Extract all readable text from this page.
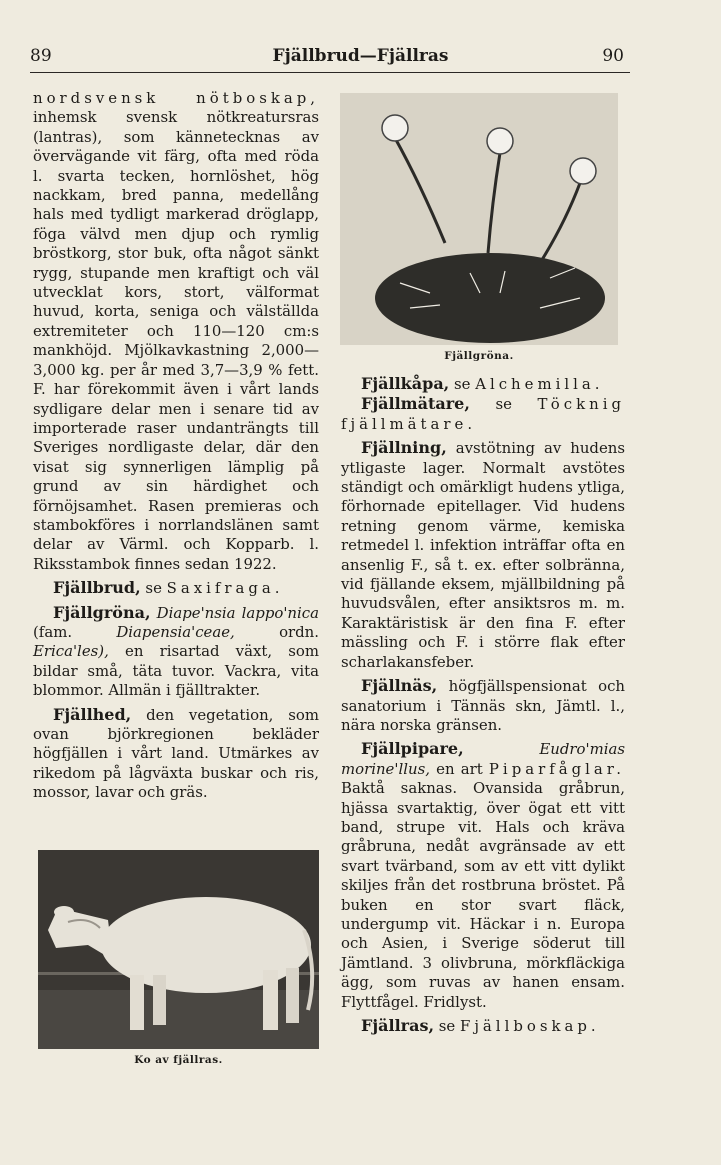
89	Fjällbrud—Fjällras	90

nordsvensk nötboskap, inhemsk svensk nötkreatursras (lantras), som kännetecknas av övervägande vit färg, ofta med röda l. svarta tecken, hornlöshet, hög nackkam, bred panna, medellång hals med tydligt markerad dröglapp, föga välvd men djup och rymlig bröstkorg, stor buk, ofta något sänkt rygg, stupande men kraftigt och väl utvecklat kors, stort, välformat huvud, korta, seniga och välställda extremiteter och 110—120 cm:s mankhöjd. Mjölkavkastning 2,000—3,000 kg. per år med 3,7—3,9 % fett. F. har förekommit även i vårt lands sydligare delar men i senare tid av importerade raser undanträngts till Sveriges nordligaste delar, där den visat sig synnerligen lämplig på grund av sin härdighet och förnöjsamhet. Rasen premieras och stambokföres i norrlandslänen samt delar av Värml. och Kopparb. l. Riksstambok finnes sedan 1922.

Fjällbrud, se Saxifraga.

Fjällgröna, Diape'nsia lappo'nica (fam.	Diapensia'ceae,	ordn. Erica'les), en risartad växt, som bildar små, täta tuvor. Vackra, vita blommor. Allmän i fjälltrakter.

Fjällhed, den vegetation, som ovan björkregionen bekläder högfjällen i vårt land. Utmärkes av rikedom på lågväxta buskar och ris, mossor, lavar och gräs.

Ko av fjällras.
Fjällgröna.

Fjällkåpa, se Alchemilla.

Fjällmätare, se Töcknig fjällmätare.

Fjällning, avstötning av hudens ytligaste lager. Normalt avstötes ständigt och omärkligt hudens ytliga, förhornade epitellager. Vid hudens retning genom värme, kemiska retmedel l. infektion inträffar ofta en ansenlig F., så t. ex. efter solbränna, vid fjällande eksem, mjällbildning på huvudsvålen, efter ansiktsros m. m. Karaktäristisk är den fina F. efter mässling och F. i större flak efter scharlakansfeber.

Fjällnäs, högfjällspensionat och sanatorium i Tännäs skn, Jämtl. l., nära norska gränsen.

Fjällpipare,	Eudro'mias morine'llus, en art Piparfåglar. Baktå saknas. Ovansida gråbrun, hjässa svartaktig, över ögat ett vitt band, strupe vit. Hals och kräva gråbruna, nedåt avgränsade av ett svart tvärband, som av ett vitt dylikt skiljes från det rostbruna bröstet. På buken en stor svart fläck, undergump vit. Häckar i n. Europa och Asien, i Sverige söderut till Jämtland. 3 olivbruna, mörkfläckiga ägg, som ruvas av hanen ensam. Flyttfågel. Fridlyst.

Fjällras, se Fjällboskap.
